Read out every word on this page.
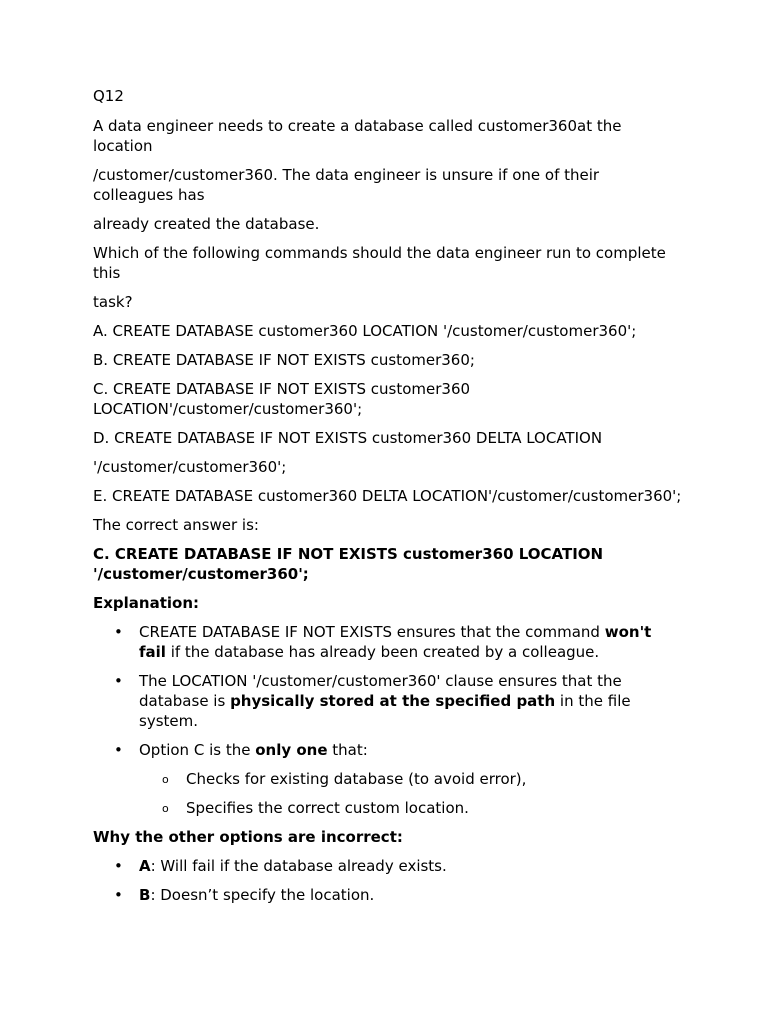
Q12

A data engineer needs to create a database called customer360at the location

/customer/customer360. The data engineer is unsure if one of their colleagues has

already created the database.

Which of the following commands should the data engineer run to complete this

task?

A. CREATE DATABASE customer360 LOCATION '/customer/customer360';

B. CREATE DATABASE IF NOT EXISTS customer360;

C. CREATE DATABASE IF NOT EXISTS customer360 LOCATION'/customer/customer360';

D. CREATE DATABASE IF NOT EXISTS customer360 DELTA LOCATION

'/customer/customer360';

E. CREATE DATABASE customer360 DELTA LOCATION'/customer/customer360';

The correct answer is:

C. CREATE DATABASE IF NOT EXISTS customer360 LOCATION '/customer/customer360';

Explanation:

• CREATE DATABASE IF NOT EXISTS ensures that the command won't fail if the database has already been created by a colleague.
• The LOCATION '/customer/customer360' clause ensures that the database is physically stored at the specified path in the file system.
• Option C is the only one that:
o Checks for existing database (to avoid error),
o Specifies the correct custom location.

Why the other options are incorrect:

• A: Will fail if the database already exists.
• B: Doesn’t specify the location.
